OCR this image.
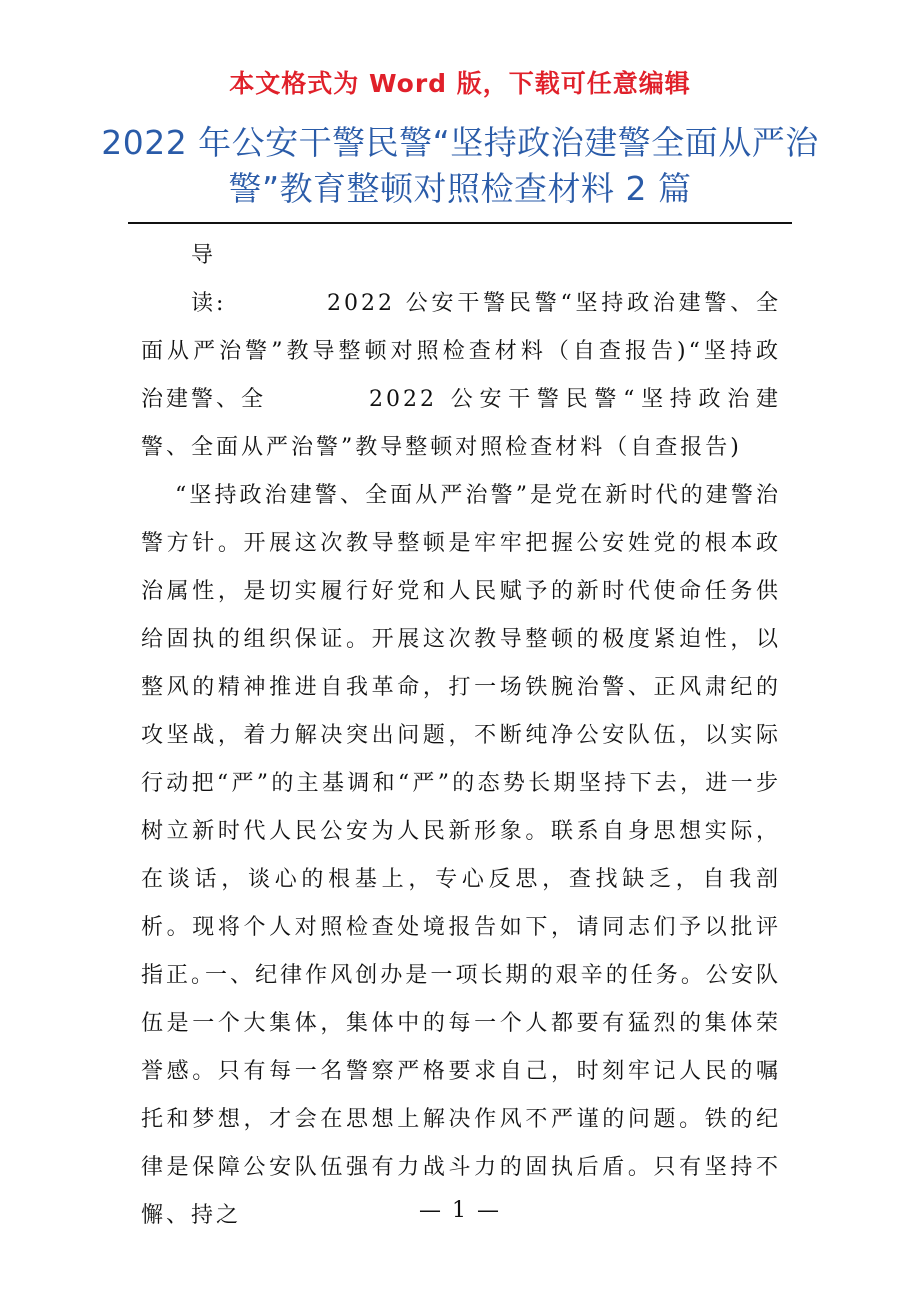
本文格式为 Word 版，下载可任意编辑
2022 年公安干警民警“坚持政治建警全面从严治警”教育整顿对照检查材料 2 篇

导读:	2022 公安干警民警“坚持政治建警、全面从严治警”教导整顿对照检查材料（自查报告)“坚持政治建警、全	2022 公安干警民警“坚持政治建警、全面从严治警”教导整顿对照检查材料（自查报告)

“坚持政治建警、全面从严治警”是党在新时代的建警治警方针。开展这次教导整顿是牢牢把握公安姓党的根本政治属性，是切实履行好党和人民赋予的新时代使命任务供给固执的组织保证。开展这次教导整顿的极度紧迫性，以整风的精神推进自我革命，打一场铁腕治警、正风肃纪的攻坚战，着力解决突出问题，不断纯净公安队伍，以实际行动把“严”的主基调和“严”的态势长期坚持下去，进一步树立新时代人民公安为人民新形象。联系自身思想实际，在谈话，谈心的根基上，专心反思，查找缺乏，自我剖析。现将个人对照检查处境报告如下，请同志们予以批评指正。

一、纪律作风创办是一项长期的艰辛的任务。公安队伍是一个大集体，集体中的每一个人都要有猛烈的集体荣誉感。只有每一名警察严格要求自己，时刻牢记人民的嘱托和梦想，才会在思想上解决作风不严谨的问题。铁的纪律是保障公安队伍强有力战斗力的固执后盾。只有坚持不懈、持之	— 1 —
